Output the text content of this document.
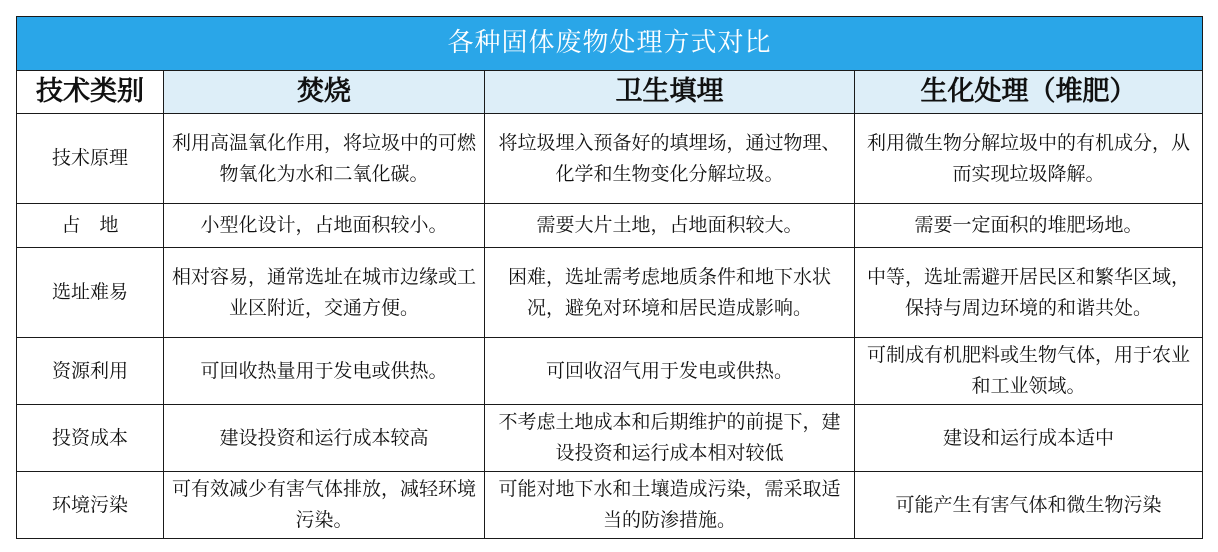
各种固体废物处理方式对比			
技术类别	焚烧	卫生填埋	生化处理（堆肥）
技术原理	利用高温氧化作用，将垃圾中的可燃物氧化为水和二氧化碳。	将垃圾埋入预备好的填埋场，通过物理、化学和生物变化分解垃圾。	利用微生物分解垃圾中的有机成分，从而实现垃圾降解。
占　地	小型化设计，占地面积较小。	需要大片土地，占地面积较大。	需要一定面积的堆肥场地。
选址难易	相对容易，通常选址在城市边缘或工业区附近，交通方便。	困难，选址需考虑地质条件和地下水状况，避免对环境和居民造成影响。	中等，选址需避开居民区和繁华区域，保持与周边环境的和谐共处。
资源利用	可回收热量用于发电或供热。	可回收沼气用于发电或供热。	可制成有机肥料或生物气体，用于农业和工业领域。
投资成本	建设投资和运行成本较高	不考虑土地成本和后期维护的前提下，建设投资和运行成本相对较低	建设和运行成本适中
环境污染	可有效减少有害气体排放，减轻环境污染。	可能对地下水和土壤造成污染，需采取适当的防渗措施。	可能产生有害气体和微生物污染
